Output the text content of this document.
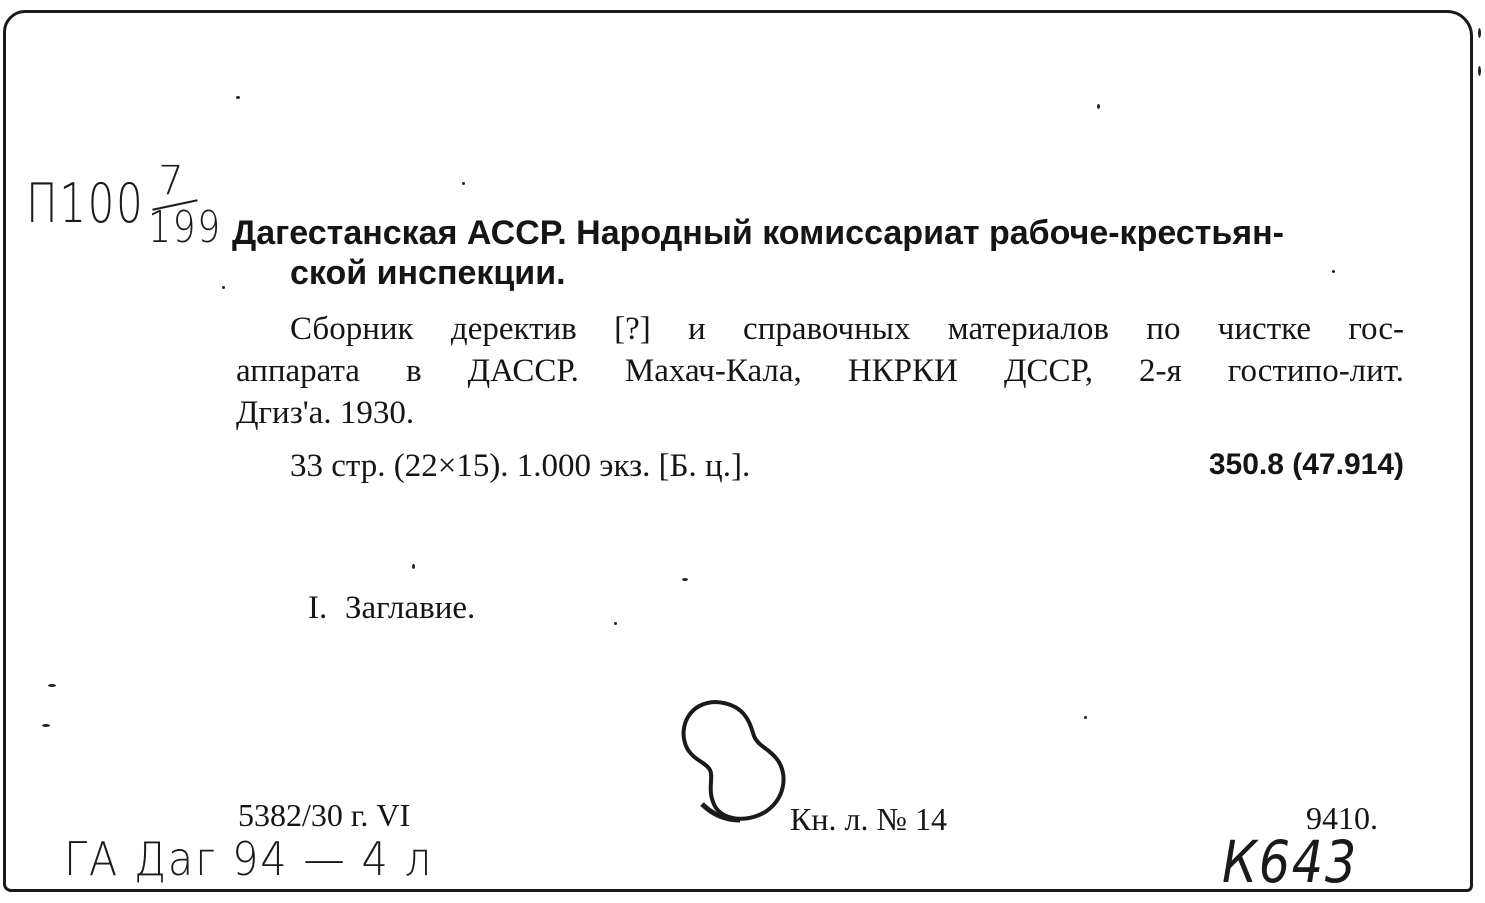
П100 7
199 Дагестанская АССР. Народный комиссариат рабоче-крестьян-
ской инспекции.
Сборник деректив [?] и справочных материалов по чистке гос-
аппарата в ДАССР. Махач-Кала, НКРКИ ДССР, 2-я гостипо-лит.
Дгиз'а. 1930.
33 стр. (22×15). 1.000 экз. [Б. ц.].	350.8 (47.914)
I. Заглавие.
5382/30 г. VI	Кн. л. № 14	9410.
ГА Даг 94 — 4 л	К643
